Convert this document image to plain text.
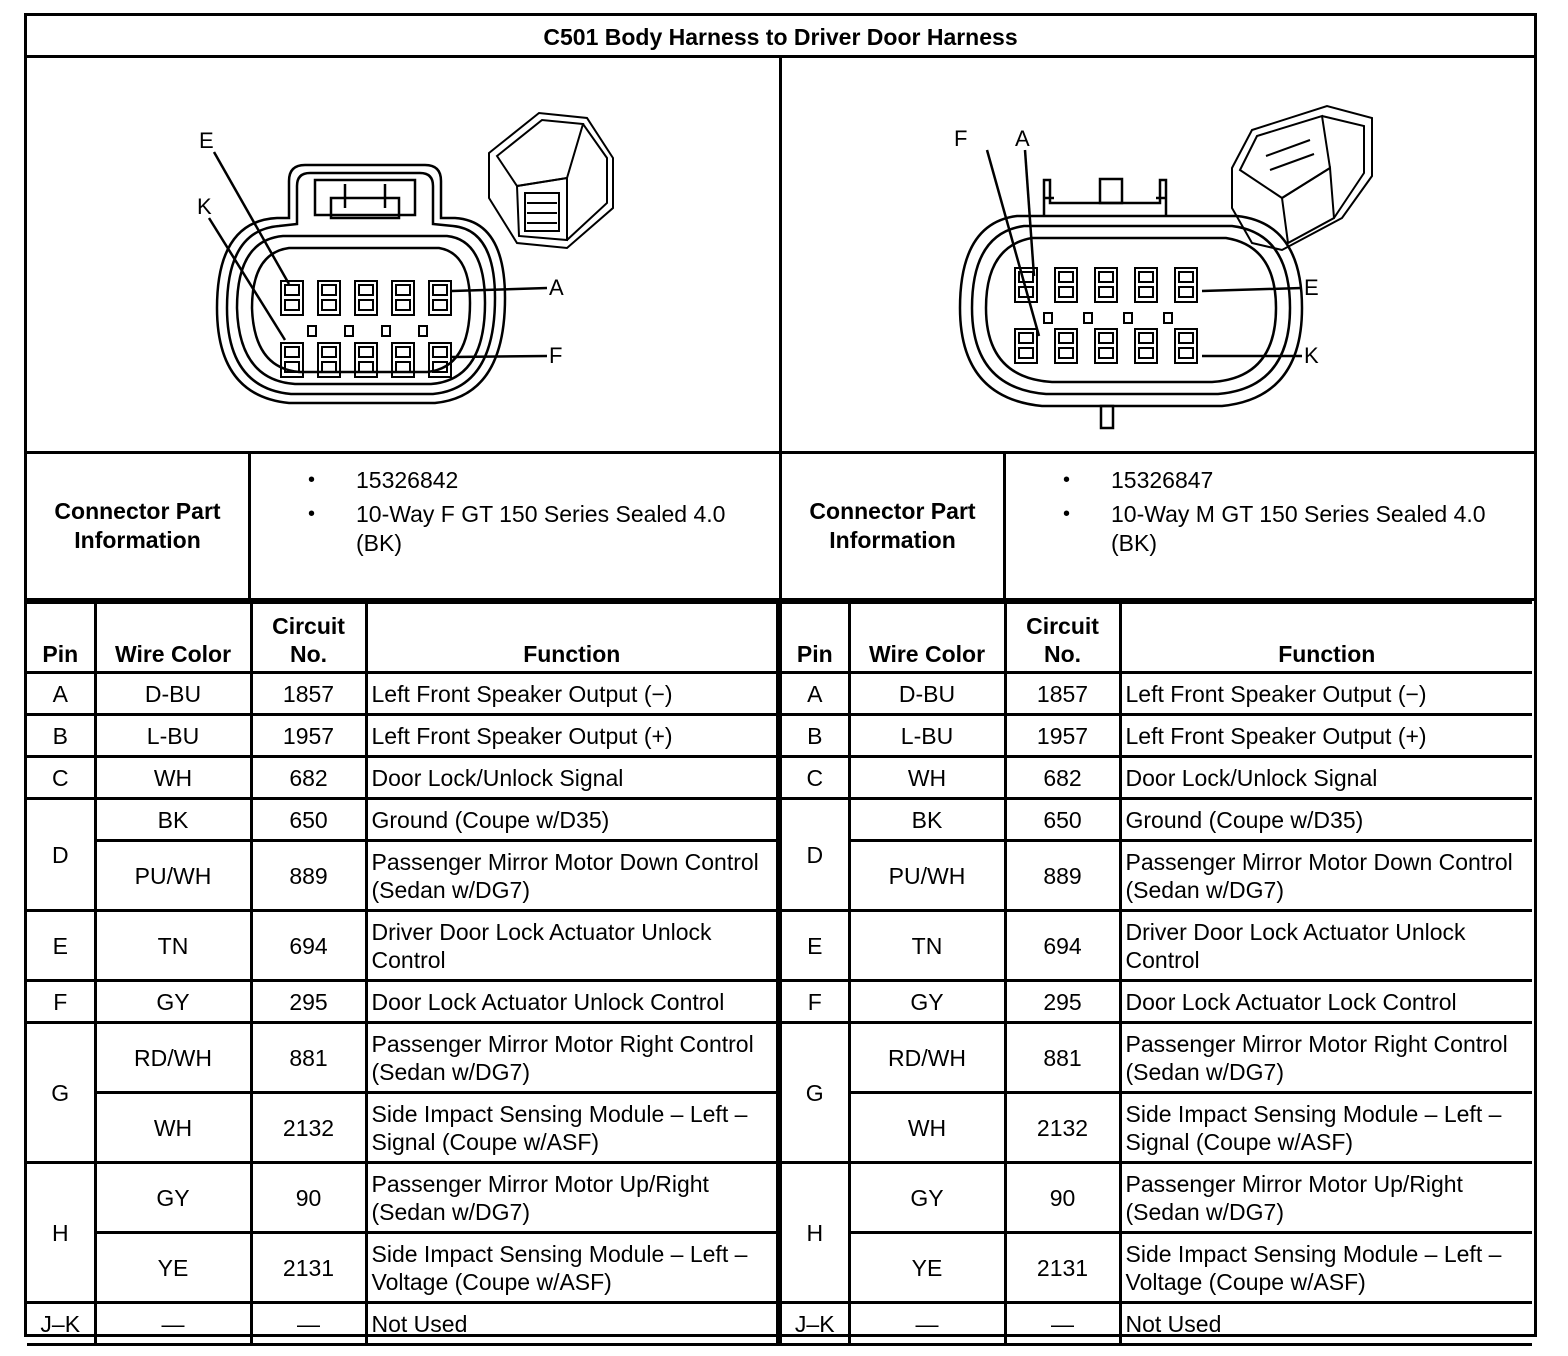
C501 Body Harness to Driver Door Harness
E
K
A
F
F A
E
K
Connector Part Information
• 15326842
• 10-Way F GT 150 Series Sealed 4.0 (BK)
Connector Part Information
• 15326847
• 10-Way M GT 150 Series Sealed 4.0 (BK)
Pin	Wire Color	Circuit No.	Function	Pin	Wire Color	Circuit No.	Function
A	D-BU	1857	Left Front Speaker Output (−)	A	D-BU	1857	Left Front Speaker Output (−)
B	L-BU	1957	Left Front Speaker Output (+)	B	L-BU	1957	Left Front Speaker Output (+)
C	WH	682	Door Lock/Unlock Signal	C	WH	682	Door Lock/Unlock Signal
D	BK	650	Ground (Coupe w/D35)	D	BK	650	Ground (Coupe w/D35)
	PU/WH	889	Passenger Mirror Motor Down Control (Sedan w/DG7)		PU/WH	889	Passenger Mirror Motor Down Control (Sedan w/DG7)
E	TN	694	Driver Door Lock Actuator Unlock Control	E	TN	694	Driver Door Lock Actuator Unlock Control
F	GY	295	Door Lock Actuator Unlock Control	F	GY	295	Door Lock Actuator Lock Control
G	RD/WH	881	Passenger Mirror Motor Right Control (Sedan w/DG7)	G	RD/WH	881	Passenger Mirror Motor Right Control (Sedan w/DG7)
	WH	2132	Side Impact Sensing Module – Left – Signal (Coupe w/ASF)		WH	2132	Side Impact Sensing Module – Left – Signal (Coupe w/ASF)
H	GY	90	Passenger Mirror Motor Up/Right (Sedan w/DG7)	H	GY	90	Passenger Mirror Motor Up/Right (Sedan w/DG7)
	YE	2131	Side Impact Sensing Module – Left – Voltage (Coupe w/ASF)		YE	2131	Side Impact Sensing Module – Left – Voltage (Coupe w/ASF)
J–K	—	—	Not Used	J–K	—	—	Not Used
